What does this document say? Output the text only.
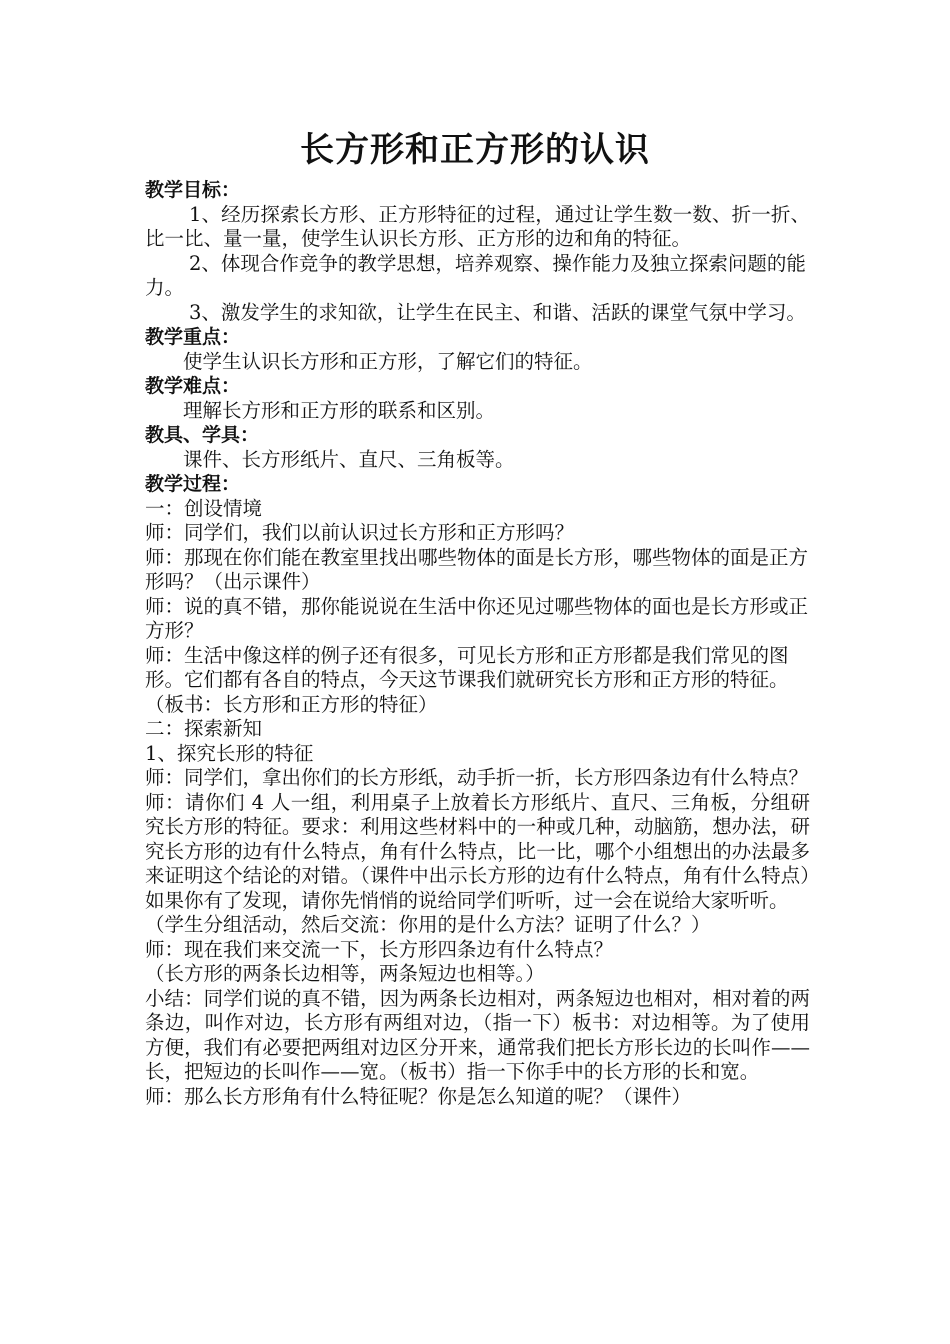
长方形和正方形的认识

教学目标：

1、经历探索长方形、正方形特征的过程，通过让学生数一数、折一折、比一比、量一量，使学生认识长方形、正方形的边和角的特征。

2、体现合作竞争的教学思想，培养观察、操作能力及独立探索问题的能力。

3、激发学生的求知欲，让学生在民主、和谐、活跃的课堂气氛中学习。

教学重点：

使学生认识长方形和正方形，了解它们的特征。

教学难点：

理解长方形和正方形的联系和区别。

教具、学具：

课件、长方形纸片、直尺、三角板等。

教学过程：

一：创设情境

师：同学们，我们以前认识过长方形和正方形吗？

师：那现在你们能在教室里找出哪些物体的面是长方形，哪些物体的面是正方形吗？（出示课件）

师：说的真不错，那你能说说在生活中你还见过哪些物体的面也是长方形或正方形？

师：生活中像这样的例子还有很多，可见长方形和正方形都是我们常见的图形。它们都有各自的特点，今天这节课我们就研究长方形和正方形的特征。（板书：长方形和正方形的特征）

二：探索新知

1、探究长形的特征

师：同学们，拿出你们的长方形纸，动手折一折，长方形四条边有什么特点？

师：请你们 4 人一组，利用桌子上放着长方形纸片、直尺、三角板，分组研究长方形的特征。要求：利用这些材料中的一种或几种，动脑筋，想办法，研究长方形的边有什么特点，角有什么特点，比一比，哪个小组想出的办法最多来证明这个结论的对错。（课件中出示长方形的边有什么特点，角有什么特点）如果你有了发现，请你先悄悄的说给同学们听听，过一会在说给大家听听。

（学生分组活动，然后交流：你用的是什么方法？证明了什么？）

师：现在我们来交流一下，长方形四条边有什么特点？

（长方形的两条长边相等，两条短边也相等。）

小结：同学们说的真不错，因为两条长边相对，两条短边也相对，相对着的两条边，叫作对边，长方形有两组对边，（指一下）板书：对边相等。为了使用方便，我们有必要把两组对边区分开来，通常我们把长方形长边的长叫作——长，把短边的长叫作——宽。（板书）指一下你手中的长方形的长和宽。

师：那么长方形角有什么特征呢？你是怎么知道的呢？（课件）
